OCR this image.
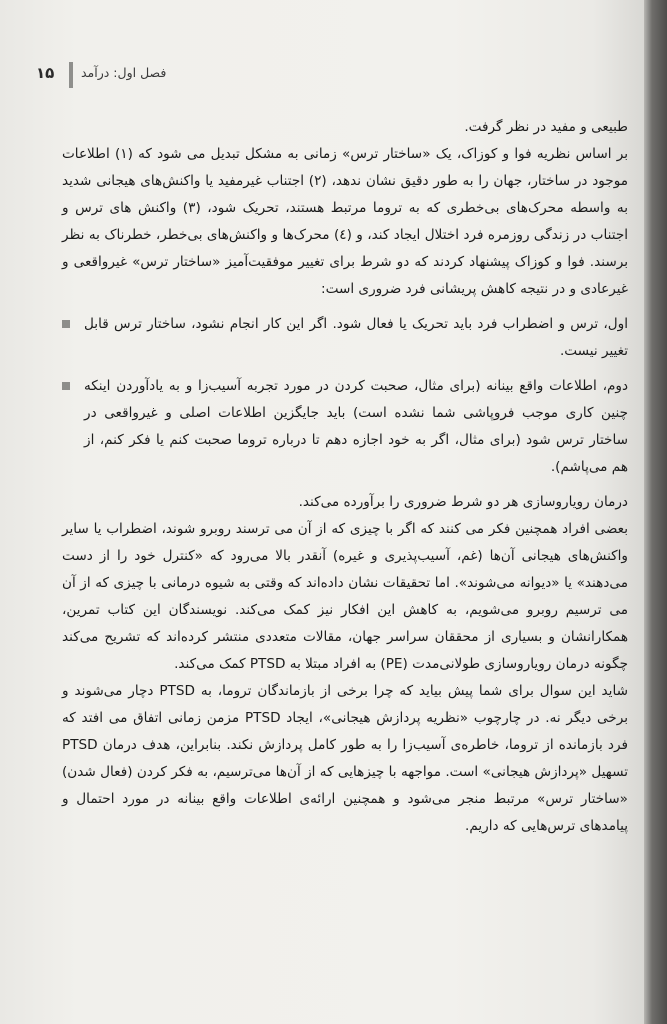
۱۵ فصل اول: درآمد

طبیعی و مفید در نظر گرفت.

بر اساس نظریه فوا و کوزاک، یک «ساختار ترس» زمانی به مشکل تبدیل می شود که (۱) اطلاعات موجود در ساختار، جهان را به طور دقیق نشان ندهد، (۲) اجتناب غیرمفید یا واکنش‌های هیجانی شدید به واسطه محرک‌های بی‌خطری که به تروما مرتبط هستند، تحریک شود، (۳) واکنش های ترس و اجتناب در زندگی روزمره فرد اختلال ایجاد کند، و (٤) محرک‌ها و واکنش‌های بی‌خطر، خطرناک به نظر برسند. فوا و کوزاک پیشنهاد کردند که دو شرط برای تغییر موفقیت‌آمیز «ساختار ترس» غیرواقعی و غیرعادی و در نتیجه کاهش پریشانی فرد ضروری است:

اول، ترس و اضطراب فرد باید تحریک یا فعال شود. اگر این کار انجام نشود، ساختار ترس قابل تغییر نیست.
دوم، اطلاعات واقع بینانه (برای مثال، صحبت کردن در مورد تجربه آسیب‌زا و به یادآوردن اینکه چنین کاری موجب فروپاشی شما نشده است) باید جایگزین اطلاعات اصلی و غیرواقعی در ساختار ترس شود (برای مثال، اگر به خود اجازه دهم تا درباره تروما صحبت کنم یا فکر کنم، از هم می‌پاشم).

درمان رویاروسازی هر دو شرط ضروری را برآورده می‌کند.

بعضی افراد همچنین فکر می کنند که اگر با چیزی که از آن می ترسند روبرو شوند، اضطراب یا سایر واکنش‌های هیجانی آن‌ها (غم، آسیب‌پذیری و غیره) آنقدر بالا می‌رود که «کنترل خود را از دست می‌دهند» یا «دیوانه می‌شوند». اما تحقیقات نشان داده‌اند که وقتی به شیوه درمانی با چیزی که از آن می ترسیم روبرو می‌شویم، به کاهش این افکار نیز کمک می‌کند. نویسندگان این کتاب تمرین، همکارانشان و بسیاری از محققان سراسر جهان، مقالات متعددی منتشر کرده‌اند که تشریح می‌کند چگونه درمان رویاروسازی طولانی‌مدت (PE) به افراد مبتلا به PTSD کمک می‌کند.

شاید این سوال برای شما پیش بیاید که چرا برخی از بازماندگان تروما، به PTSD دچار می‌شوند و برخی دیگر نه. در چارچوب «نظریه پردازش هیجانی»، ایجاد PTSD مزمن زمانی اتفاق می افتد که فرد بازمانده از تروما، خاطره‌ی آسیب‌زا را به طور کامل پردازش نکند. بنابراین، هدف درمان PTSD تسهیل «پردازش هیجانی» است. مواجهه با چیزهایی که از آن‌ها می‌ترسیم، به فکر کردن (فعال شدن) «ساختار ترس» مرتبط منجر می‌شود و همچنین ارائه‌ی اطلاعات واقع بینانه در مورد احتمال و پیامدهای ترس‌هایی که داریم.
